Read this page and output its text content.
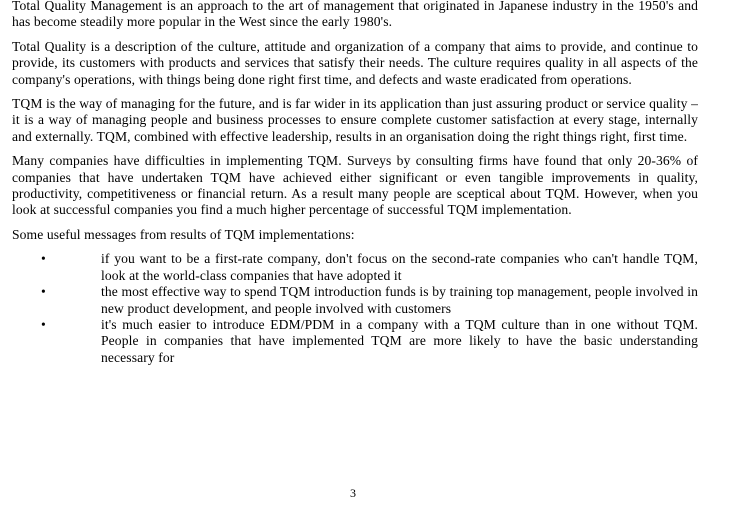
Total Quality Management is an approach to the art of management that originated in Japanese industry in the 1950's and has become steadily more popular in the West since the early 1980's.

Total Quality is a description of the culture, attitude and organization of a company that aims to provide, and continue to provide, its customers with products and services that satisfy their needs. The culture requires quality in all aspects of the company's operations, with things being done right first time, and defects and waste eradicated from operations.

TQM is the way of managing for the future, and is far wider in its application than just assuring product or service quality – it is a way of managing people and business processes to ensure complete customer satisfaction at every stage, internally and externally. TQM, combined with effective leadership, results in an organisation doing the right things right, first time.

Many companies have difficulties in implementing TQM. Surveys by consulting firms have found that only 20-36% of companies that have undertaken TQM have achieved either significant or even tangible improvements in quality, productivity, competitiveness or financial return. As a result many people are sceptical about TQM. However, when you look at successful companies you find a much higher percentage of successful TQM implementation.

Some useful messages from results of TQM implementations:

•	if you want to be a first-rate company, don't focus on the second-rate companies who can't handle TQM, look at the world-class companies that have adopted it
•	the most effective way to spend TQM introduction funds is by training top management, people involved in new product development, and people involved with customers
•	it's much easier to introduce EDM/PDM in a company with a TQM culture than in one without TQM. People in companies that have implemented TQM are more likely to have the basic understanding necessary for
3
